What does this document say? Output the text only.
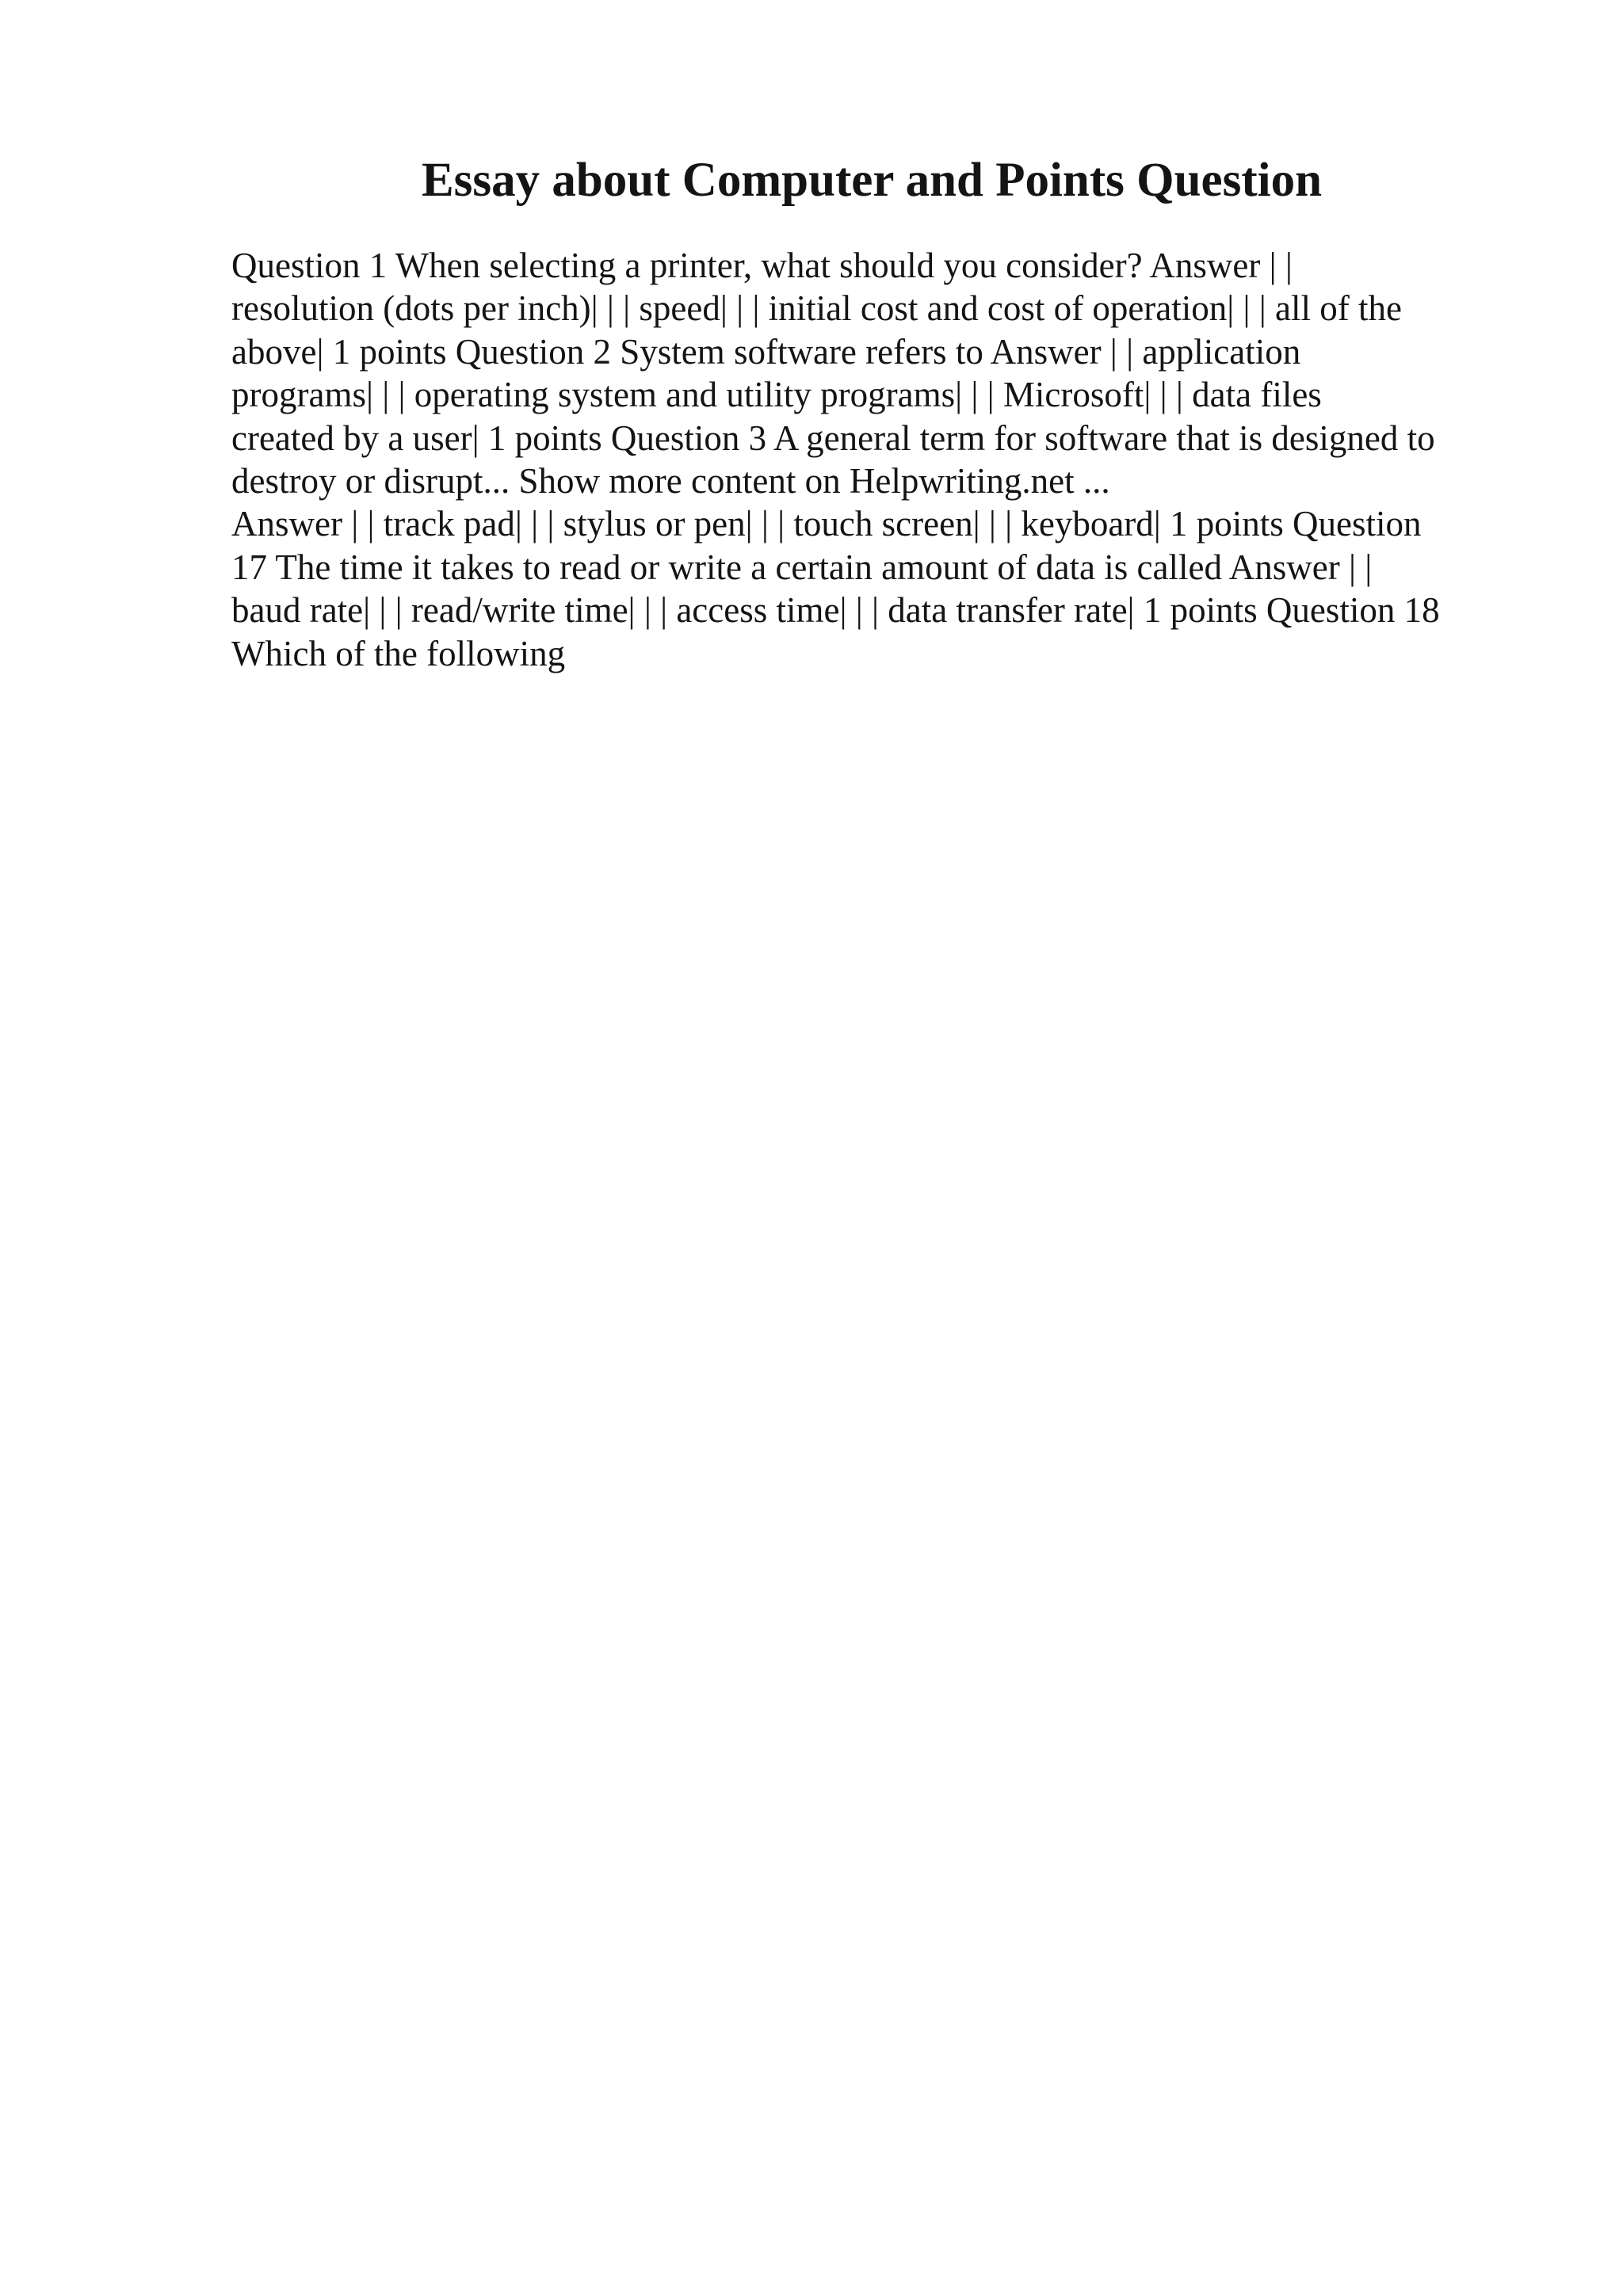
Essay about Computer and Points Question
Question 1 When selecting a printer, what should you consider? Answer | |
resolution (dots per inch)| | | speed| | | initial cost and cost of operation| | | all of the
above| 1 points Question 2 System software refers to Answer | | application
programs| | | operating system and utility programs| | | Microsoft| | | data files
created by a user| 1 points Question 3 A general term for software that is designed to
destroy or disrupt... Show more content on Helpwriting.net ...
Answer | | track pad| | | stylus or pen| | | touch screen| | | keyboard| 1 points Question
17 The time it takes to read or write a certain amount of data is called Answer | |
baud rate| | | read/write time| | | access time| | | data transfer rate| 1 points Question 18
Which of the following
